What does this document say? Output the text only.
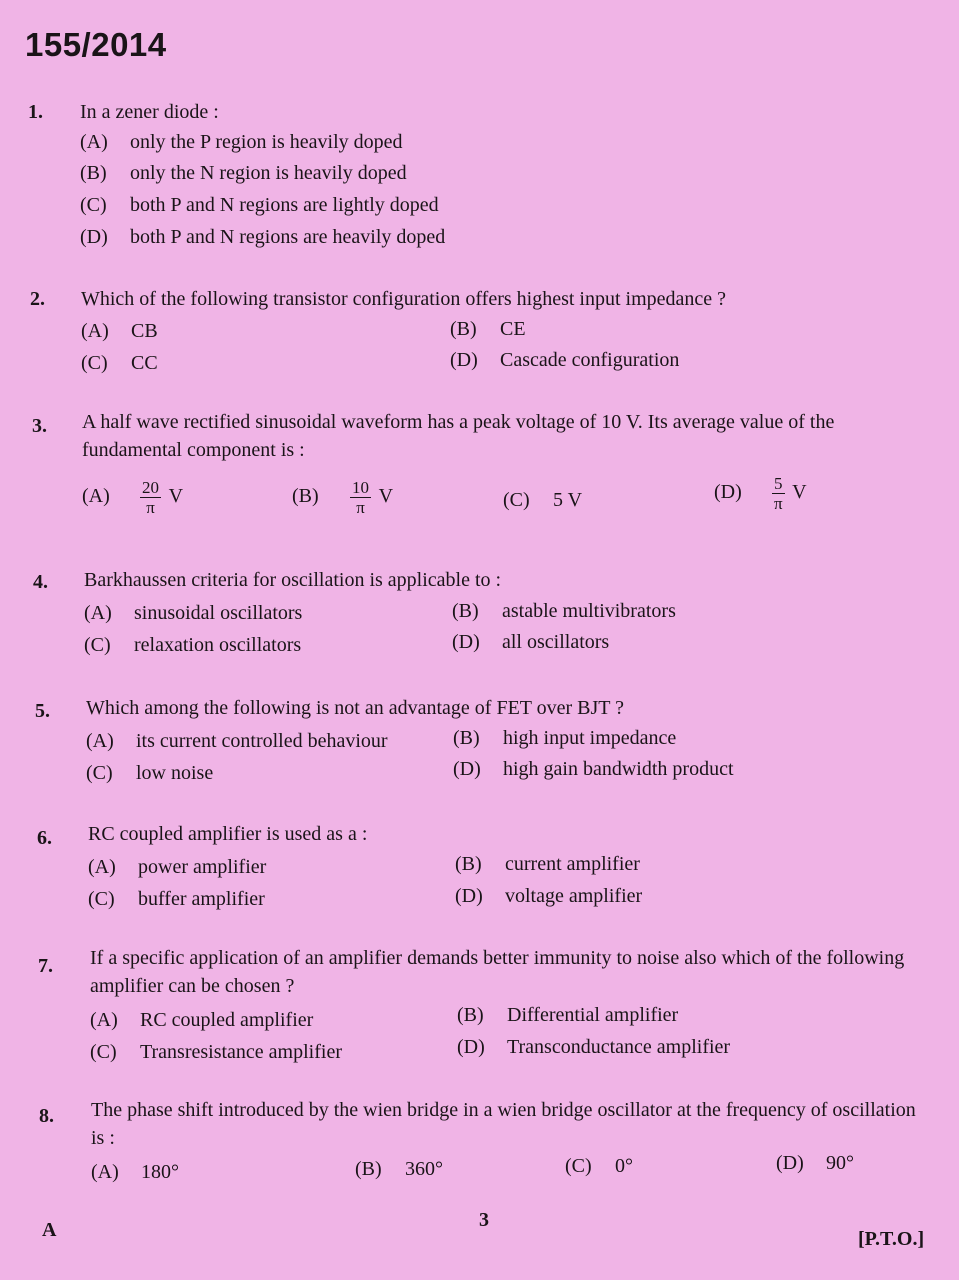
155/2014
1. In a zener diode :
(A) only the P region is heavily doped
(B) only the N region is heavily doped
(C) both P and N regions are lightly doped
(D) both P and N regions are heavily doped
2. Which of the following transistor configuration offers highest input impedance ?
(A) CB	(B) CE
(C) CC	(D) Cascade configuration
3. A half wave rectified sinusoidal waveform has a peak voltage of 10 V. Its average value of the fundamental component is :
$(A) \frac{20}{\pi}$ V	$(B) \frac{10}{\pi}$ V	(C) 5 V	$(D) \frac{5}{\pi}$ V
4. Barkhaussen criteria for oscillation is applicable to :
(A) sinusoidal oscillators	(B) astable multivibrators
(C) relaxation oscillators	(D) all oscillators
5. Which among the following is not an advantage of FET over BJT ?
(A) its current controlled behaviour	(B) high input impedance
(C) low noise	(D) high gain bandwidth product
6. RC coupled amplifier is used as a :
(A) power amplifier	(B) current amplifier
(C) buffer amplifier	(D) voltage amplifier
7. If a specific application of an amplifier demands better immunity to noise also which of the following amplifier can be chosen ?
(A) RC coupled amplifier	(B) Differential amplifier
(C) Transresistance amplifier	(D) Transconductance amplifier
8. The phase shift introduced by the wien bridge in a wien bridge oscillator at the frequency of oscillation is :
(A) 180°	(B) 360°	(C) 0°	(D) 90°
A	3
[P.T.O.]
